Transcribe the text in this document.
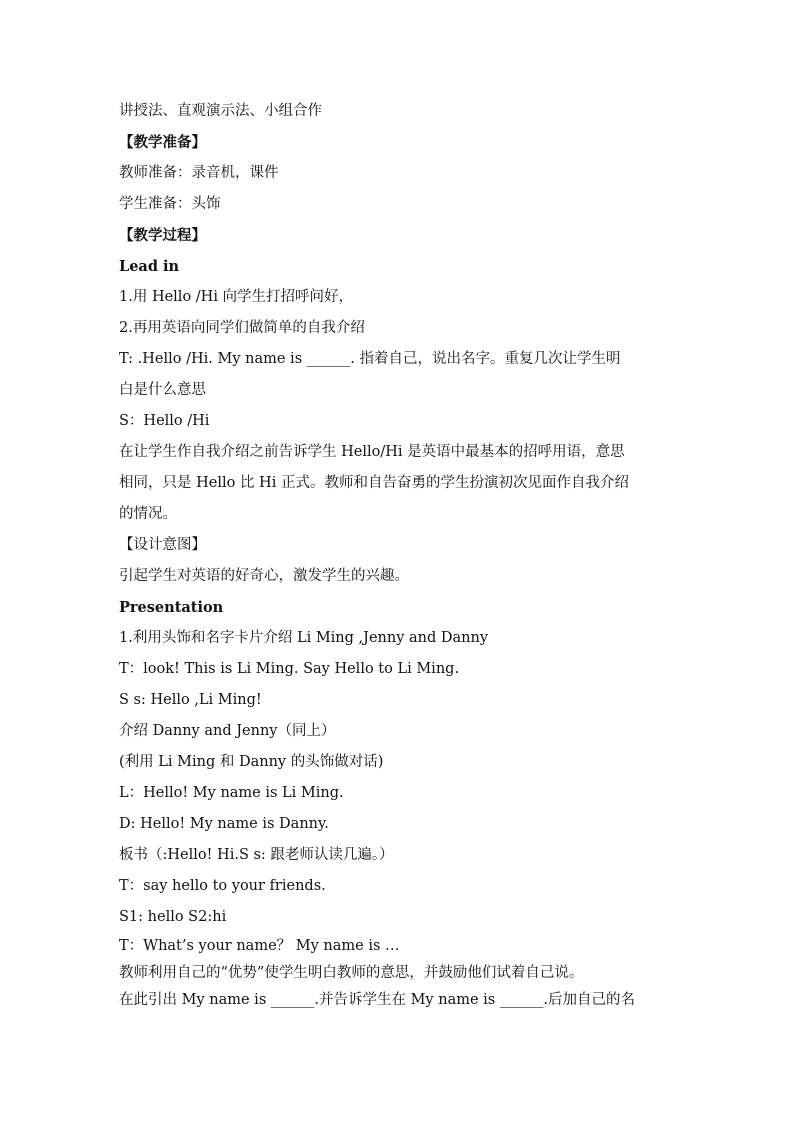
讲授法、直观演示法、小组合作
【教学准备】
教师准备：录音机，课件
学生准备：头饰
【教学过程】
Lead in
1.用 Hello /Hi 向学生打招呼问好，
2.再用英语向同学们做简单的自我介绍
T: .Hello /Hi. My name is ______. 指着自己，说出名字。重复几次让学生明
白是什么意思
S：Hello /Hi
在让学生作自我介绍之前告诉学生 Hello/Hi 是英语中最基本的招呼用语，意思
相同，只是 Hello 比 Hi 正式。教师和自告奋勇的学生扮演初次见面作自我介绍
的情况。
【设计意图】
引起学生对英语的好奇心，激发学生的兴趣。
Presentation
1.利用头饰和名字卡片介绍 Li Ming ,Jenny and Danny
T：look! This is Li Ming. Say Hello to Li Ming.
S s: Hello ,Li Ming!
介绍 Danny and Jenny（同上）
(利用 Li Ming 和 Danny 的头饰做对话)
L：Hello! My name is Li Ming.
D: Hello! My name is Danny.
板书（:Hello! Hi.S s: 跟老师认读几遍。）
T：say hello to your friends.
S1: hello S2:hi
T：What’s your name？ My name is …
教师利用自己的“优势”使学生明白教师的意思，并鼓励他们试着自己说。
在此引出 My name is ______.并告诉学生在 My name is ______.后加自己的名
